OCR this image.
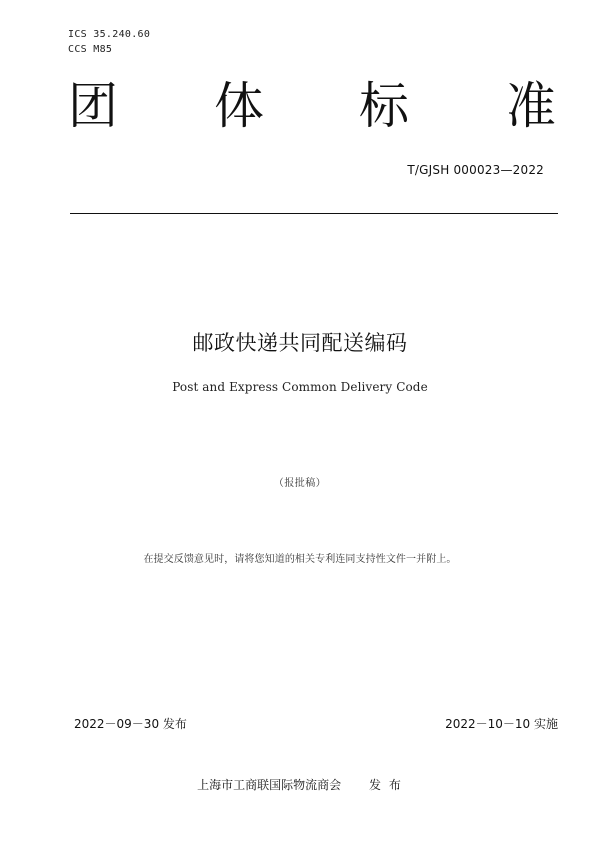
ICS 35.240.60
CCS M85
团 体 标 准
T/GJSH 000023—2022
邮政快递共同配送编码
Post and Express Common Delivery Code
（报批稿）
在提交反馈意见时，请将您知道的相关专利连同支持性文件一并附上。
2022－09－30 发布	2022－10－10 实施
上海市工商联国际物流商会 发 布
